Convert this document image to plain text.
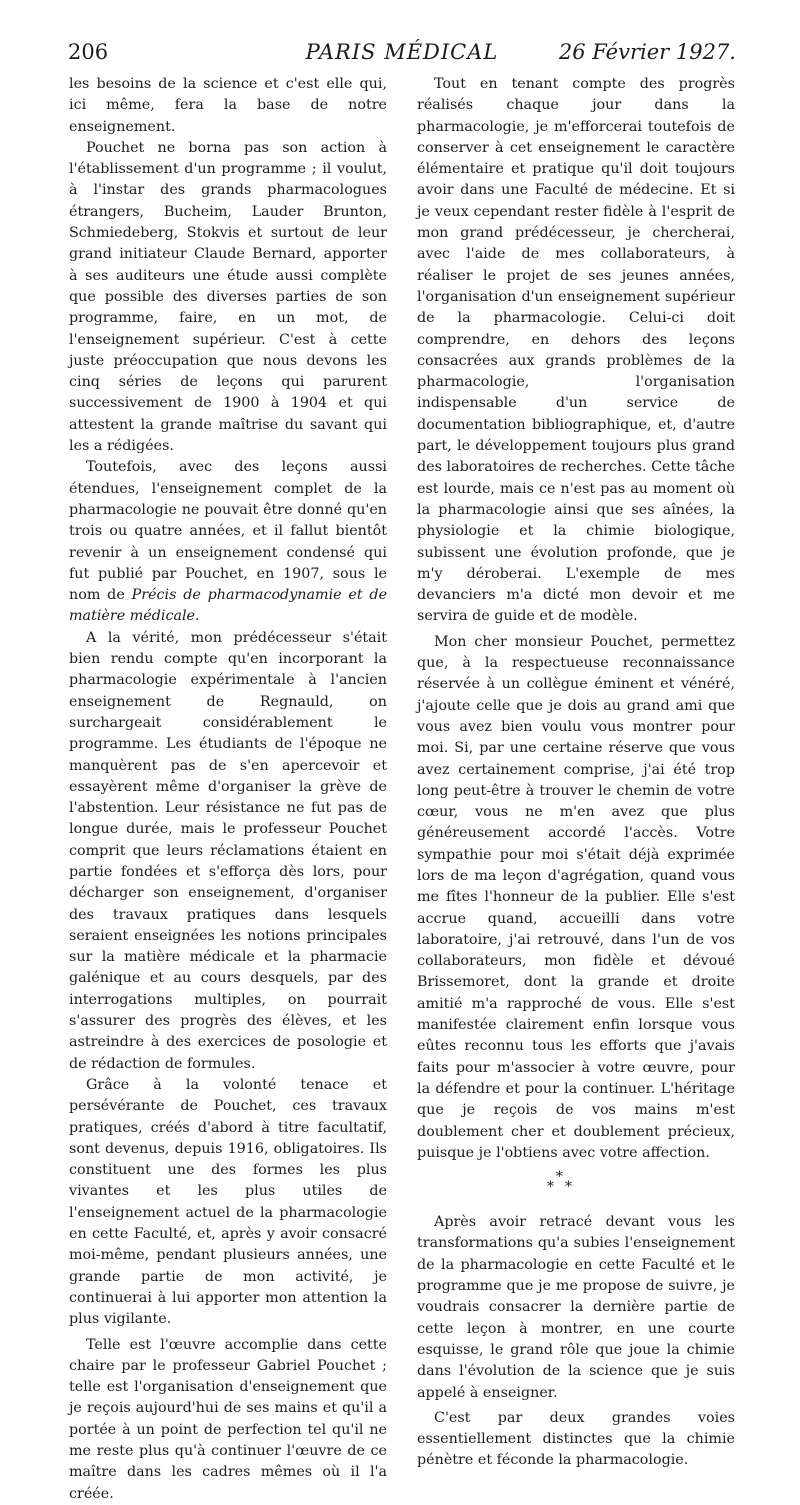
206	PARIS MÉDICAL	26 Février 1927.

les besoins de la science et c'est elle qui, ici même, fera la base de notre enseignement.

Pouchet ne borna pas son action à l'établissement d'un programme ; il voulut, à l'instar des grands pharmacologues étrangers, Bucheim, Lauder Brunton, Schmiedeberg, Stokvis et surtout de leur grand initiateur Claude Bernard, apporter à ses auditeurs une étude aussi complète que possible des diverses parties de son programme, faire, en un mot, de l'enseignement supérieur. C'est à cette juste préoccupation que nous devons les cinq séries de leçons qui parurent successivement de 1900 à 1904 et qui attestent la grande maîtrise du savant qui les a rédigées.

Toutefois, avec des leçons aussi étendues, l'enseignement complet de la pharmacologie ne pouvait être donné qu'en trois ou quatre années, et il fallut bientôt revenir à un enseignement condensé qui fut publié par Pouchet, en 1907, sous le nom de Précis de pharmacodynamie et de matière médicale.

A la vérité, mon prédécesseur s'était bien rendu compte qu'en incorporant la pharmacologie expérimentale à l'ancien enseignement de Regnauld, on surchargeait considérablement le programme. Les étudiants de l'époque ne manquèrent pas de s'en apercevoir et essayèrent même d'organiser la grève de l'abstention. Leur résistance ne fut pas de longue durée, mais le professeur Pouchet comprit que leurs réclamations étaient en partie fondées et s'efforça dès lors, pour décharger son enseignement, d'organiser des travaux pratiques dans lesquels seraient enseignées les notions principales sur la matière médicale et la pharmacie galénique et au cours desquels, par des interrogations multiples, on pourrait s'assurer des progrès des élèves, et les astreindre à des exercices de posologie et de rédaction de formules.

Grâce à la volonté tenace et persévérante de Pouchet, ces travaux pratiques, créés d'abord à titre facultatif, sont devenus, depuis 1916, obligatoires. Ils constituent une des formes les plus vivantes et les plus utiles de l'enseignement actuel de la pharmacologie en cette Faculté, et, après y avoir consacré moi-même, pendant plusieurs années, une grande partie de mon activité, je continuerai à lui apporter mon attention la plus vigilante.

Telle est l'œuvre accomplie dans cette chaire par le professeur Gabriel Pouchet ; telle est l'organisation d'enseignement que je reçois aujourd'hui de ses mains et qu'il a portée à un point de perfection tel qu'il ne me reste plus qu'à continuer l'œuvre de ce maître dans les cadres mêmes où il l'a créée.

Tout en tenant compte des progrès réalisés chaque jour dans la pharmacologie, je m'efforcerai toutefois de conserver à cet enseignement le caractère élémentaire et pratique qu'il doit toujours avoir dans une Faculté de médecine. Et si je veux cependant rester fidèle à l'esprit de mon grand prédécesseur, je chercherai, avec l'aide de mes collaborateurs, à réaliser le projet de ses jeunes années, l'organisation d'un enseignement supérieur de la pharmacologie. Celui-ci doit comprendre, en dehors des leçons consacrées aux grands problèmes de la pharmacologie, l'organisation indispensable d'un service de documentation bibliographique, et, d'autre part, le développement toujours plus grand des laboratoires de recherches. Cette tâche est lourde, mais ce n'est pas au moment où la pharmacologie ainsi que ses aînées, la physiologie et la chimie biologique, subissent une évolution profonde, que je m'y déroberai. L'exemple de mes devanciers m'a dicté mon devoir et me servira de guide et de modèle.

Mon cher monsieur Pouchet, permettez que, à la respectueuse reconnaissance réservée à un collègue éminent et vénéré, j'ajoute celle que je dois au grand ami que vous avez bien voulu vous montrer pour moi. Si, par une certaine réserve que vous avez certainement comprise, j'ai été trop long peut-être à trouver le chemin de votre cœur, vous ne m'en avez que plus généreusement accordé l'accès. Votre sympathie pour moi s'était déjà exprimée lors de ma leçon d'agrégation, quand vous me fîtes l'honneur de la publier. Elle s'est accrue quand, accueilli dans votre laboratoire, j'ai retrouvé, dans l'un de vos collaborateurs, mon fidèle et dévoué Brissemoret, dont la grande et droite amitié m'a rapproché de vous. Elle s'est manifestée clairement enfin lorsque vous eûtes reconnu tous les efforts que j'avais faits pour m'associer à votre œuvre, pour la défendre et pour la continuer. L'héritage que je reçois de vos mains m'est doublement cher et doublement précieux, puisque je l'obtiens avec votre affection.

*
* *

Après avoir retracé devant vous les transformations qu'a subies l'enseignement de la pharmacologie en cette Faculté et le programme que je me propose de suivre, je voudrais consacrer la dernière partie de cette leçon à montrer, en une courte esquisse, le grand rôle que joue la chimie dans l'évolution de la science que je suis appelé à enseigner.

C'est par deux grandes voies essentiellement distinctes que la chimie pénètre et féconde la pharmacologie.
